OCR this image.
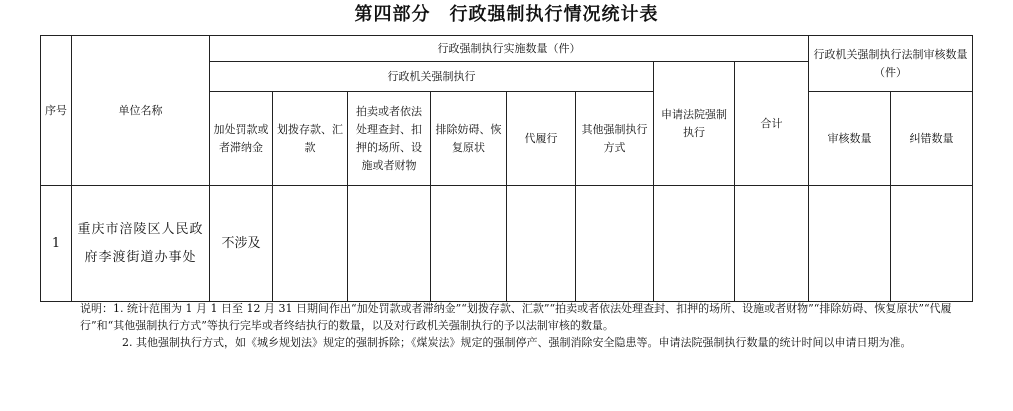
第四部分　行政强制执行情况统计表
序号	单位名称	行政强制执行实施数量（件）								行政机关强制执行法制审核数量（件）	
		行政机关强制执行						申请法院强制执行	合计		
		加处罚款或者滞纳金	划拨存款、汇款	拍卖或者依法处理查封、扣押的场所、设施或者财物	排除妨碍、恢复原状	代履行	其他强制执行方式			审核数量	纠错数量
1	重庆市涪陵区人民政府李渡街道办事处	不涉及									

说明：1. 统计范围为 1 月 1 日至 12 月 31 日期间作出“加处罚款或者滞纳金”“划拨存款、汇款”“拍卖或者依法处理查封、扣押的场所、设施或者财物”“排除妨碍、恢复原状”“代履行”和“其他强制执行方式”等执行完毕或者终结执行的数量，以及对行政机关强制执行的予以法制审核的数量。

2. 其他强制执行方式，如《城乡规划法》规定的强制拆除；《煤炭法》规定的强制停产、强制消除安全隐患等。申请法院强制执行数量的统计时间以申请日期为准。
